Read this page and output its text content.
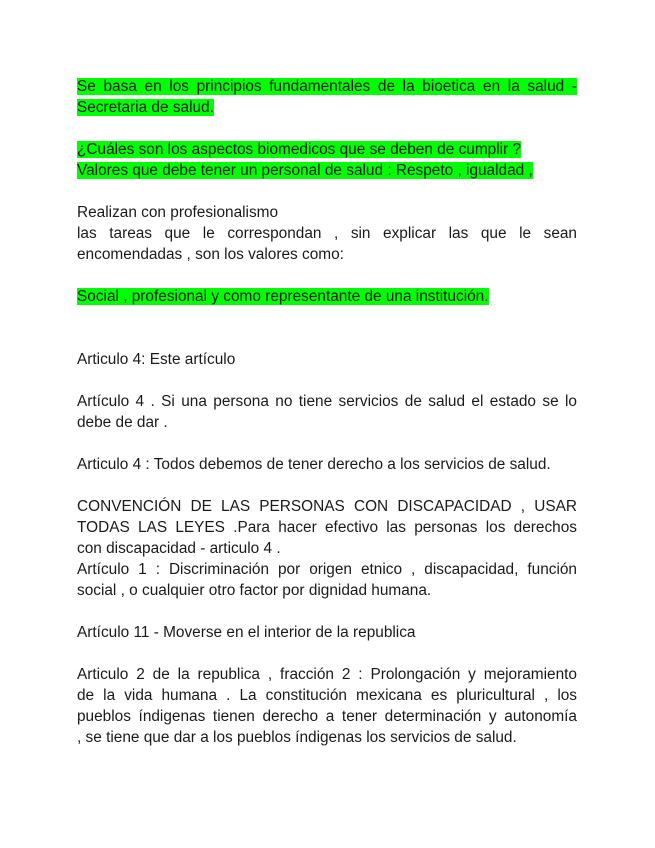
Se basa en los principios fundamentales de la bioetica en la salud -
Secretaria de salud.
¿Cuáles son los aspectos biomedicos que se deben de cumplir ?
Valores que debe tener un personal de salud : Respeto , igualdad ,
Realizan con profesionalismo
las tareas que le correspondan , sin explicar las que le sean
encomendadas , son los valores como:
Social , profesional y como representante de una institución.
Articulo 4: Este artículo
Artículo 4 . Si una persona no tiene servicios de salud el estado se lo
debe de dar .
Articulo 4 : Todos debemos de tener derecho a los servicios de salud.
CONVENCIÓN DE LAS PERSONAS CON DISCAPACIDAD , USAR
TODAS LAS LEYES .Para hacer efectivo las personas los derechos
con discapacidad - articulo 4 .
Artículo 1 : Discriminación por origen etnico , discapacidad, función
social , o cualquier otro factor por dignidad humana.
Artículo 11 - Moverse en el interior de la republica
Articulo 2 de la republica , fracción 2 : Prolongación y mejoramiento
de la vida humana . La constitución mexicana es pluricultural , los
pueblos índigenas tienen derecho a tener determinación y autonomía
, se tiene que dar a los pueblos índigenas los servicios de salud.
